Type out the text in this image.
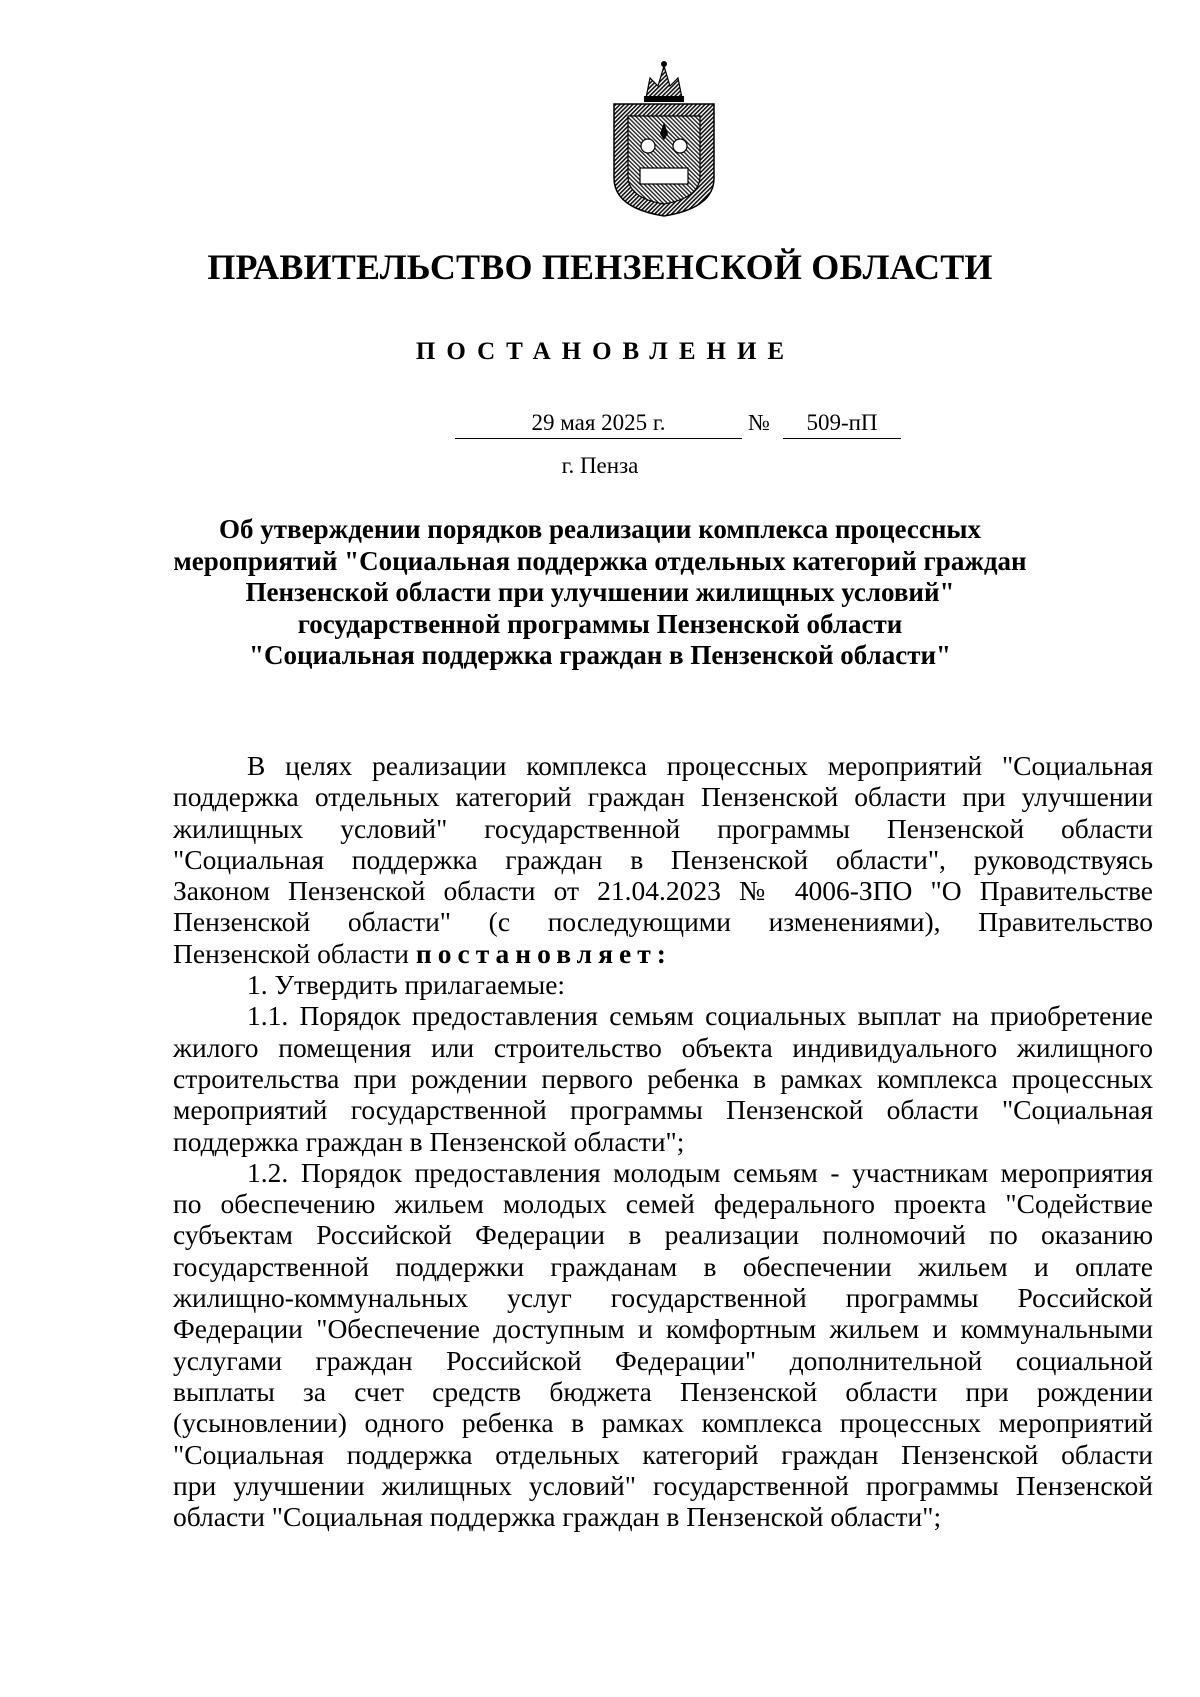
ПРАВИТЕЛЬСТВО ПЕНЗЕНСКОЙ ОБЛАСТИ
ПОСТАНОВЛЕНИЕ
29 мая 2025 г.	№	509-пП
г. Пенза
Об утверждении порядков реализации комплекса процессных
мероприятий "Социальная поддержка отдельных категорий граждан
Пензенской области при улучшении жилищных условий"
государственной программы Пензенской области
"Социальная поддержка граждан в Пензенской области"
В целях реализации комплекса процессных мероприятий "Социальная
поддержка отдельных категорий граждан Пензенской области при улучшении
жилищных условий" государственной программы Пензенской области
"Социальная поддержка граждан в Пензенской области", руководствуясь
Законом Пензенской области от 21.04.2023 № 4006-ЗПО "О Правительстве
Пензенской области" (с последующими изменениями), Правительство
Пензенской области постановляет:
1. Утвердить прилагаемые:
1.1. Порядок предоставления семьям социальных выплат на приобретение
жилого помещения или строительство объекта индивидуального жилищного
строительства при рождении первого ребенка в рамках комплекса процессных
мероприятий государственной программы Пензенской области "Социальная
поддержка граждан в Пензенской области";
1.2. Порядок предоставления молодым семьям - участникам мероприятия
по обеспечению жильем молодых семей федерального проекта "Содействие
субъектам Российской Федерации в реализации полномочий по оказанию
государственной поддержки гражданам в обеспечении жильем и оплате
жилищно-коммунальных услуг государственной программы Российской
Федерации "Обеспечение доступным и комфортным жильем и коммунальными
услугами граждан Российской Федерации" дополнительной социальной
выплаты за счет средств бюджета Пензенской области при рождении
(усыновлении) одного ребенка в рамках комплекса процессных мероприятий
"Социальная поддержка отдельных категорий граждан Пензенской области
при улучшении жилищных условий" государственной программы Пензенской
области "Социальная поддержка граждан в Пензенской области";
